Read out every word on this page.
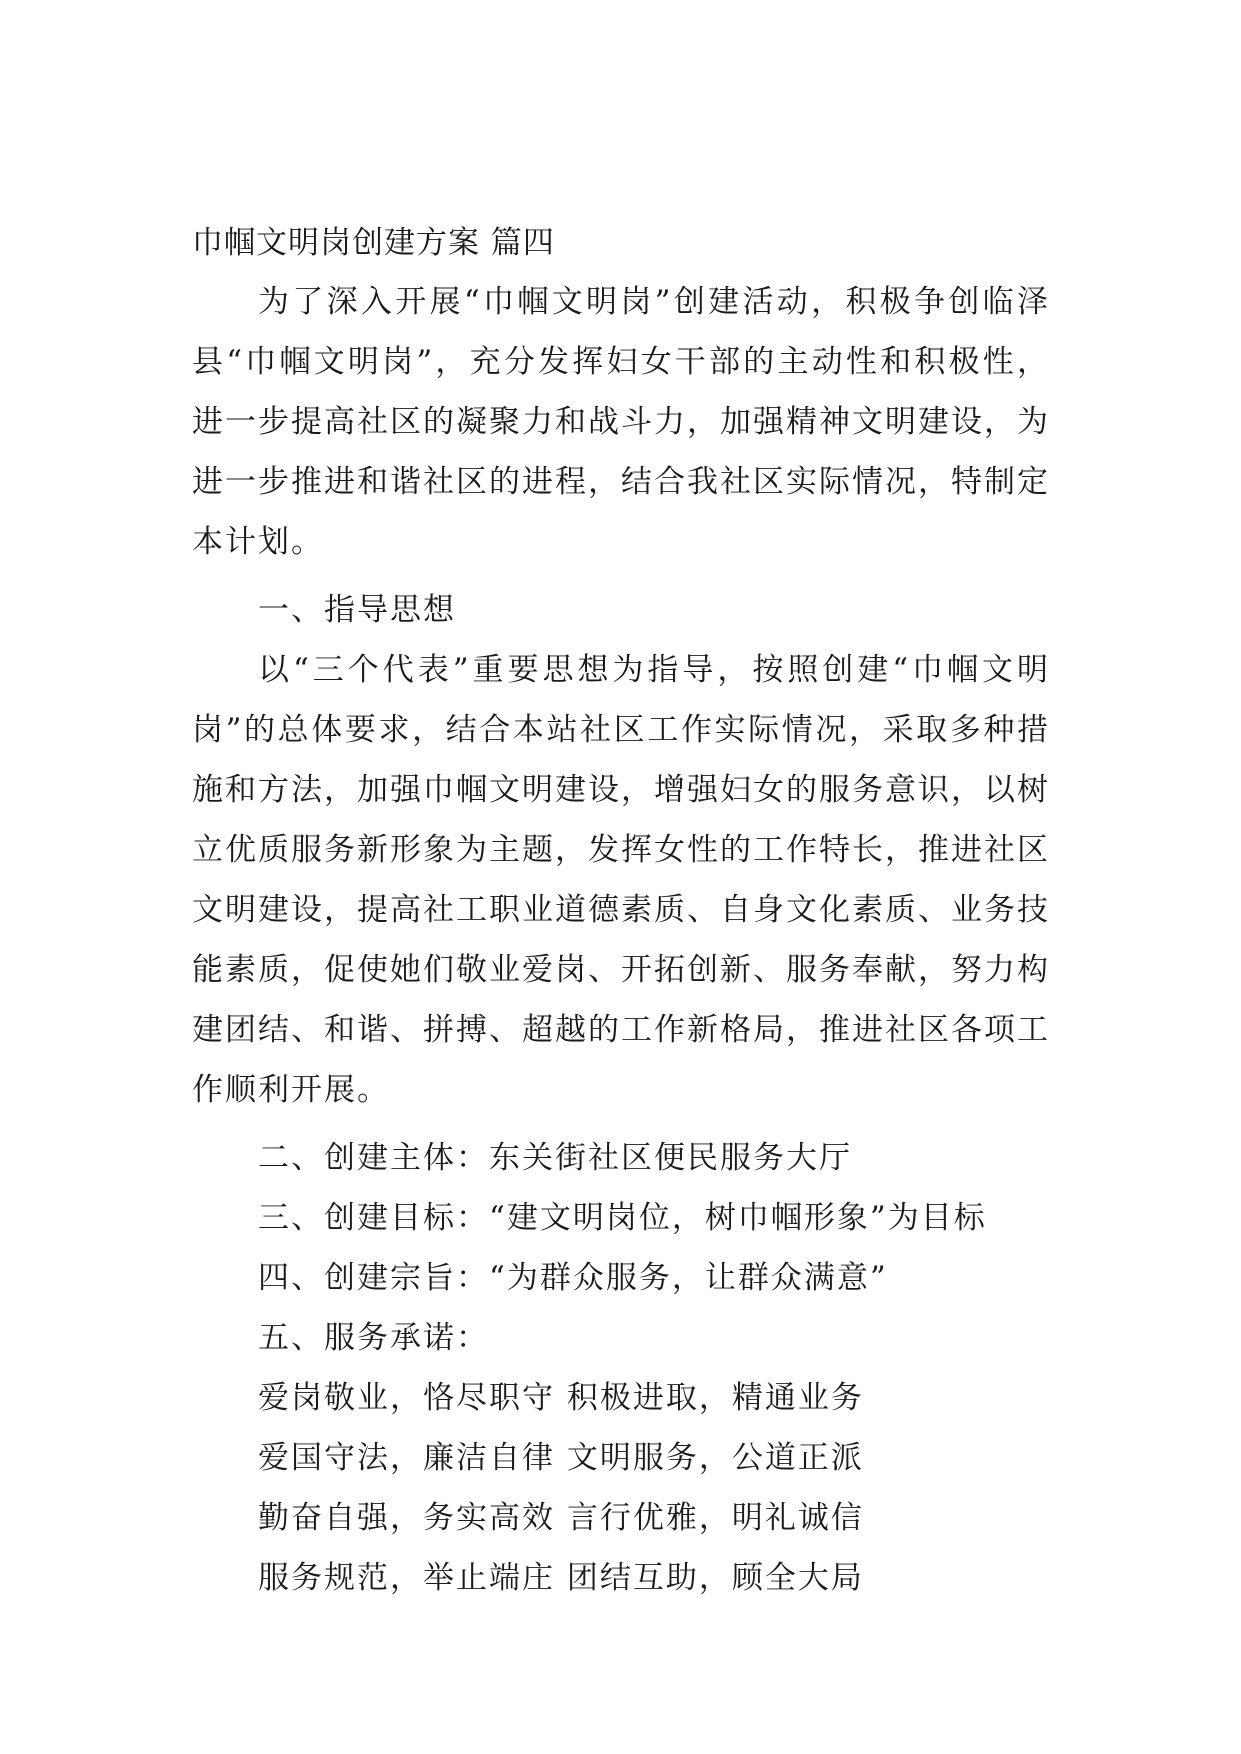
巾帼文明岗创建方案 篇四
为了深入开展“巾帼文明岗”创建活动，积极争创临泽
县“巾帼文明岗”，充分发挥妇女干部的主动性和积极性，
进一步提高社区的凝聚力和战斗力，加强精神文明建设，为
进一步推进和谐社区的进程，结合我社区实际情况，特制定
本计划。
一、指导思想
以“三个代表”重要思想为指导，按照创建“巾帼文明
岗”的总体要求，结合本站社区工作实际情况，采取多种措
施和方法，加强巾帼文明建设，增强妇女的服务意识，以树
立优质服务新形象为主题，发挥女性的工作特长，推进社区
文明建设，提高社工职业道德素质、自身文化素质、业务技
能素质，促使她们敬业爱岗、开拓创新、服务奉献，努力构
建团结、和谐、拼搏、超越的工作新格局，推进社区各项工
作顺利开展。
二、创建主体：东关街社区便民服务大厅
三、创建目标：“建文明岗位，树巾帼形象”为目标
四、创建宗旨：“为群众服务，让群众满意”
五、服务承诺：
爱岗敬业，恪尽职守 积极进取，精通业务
爱国守法，廉洁自律 文明服务，公道正派
勤奋自强，务实高效 言行优雅，明礼诚信
服务规范，举止端庄 团结互助，顾全大局
